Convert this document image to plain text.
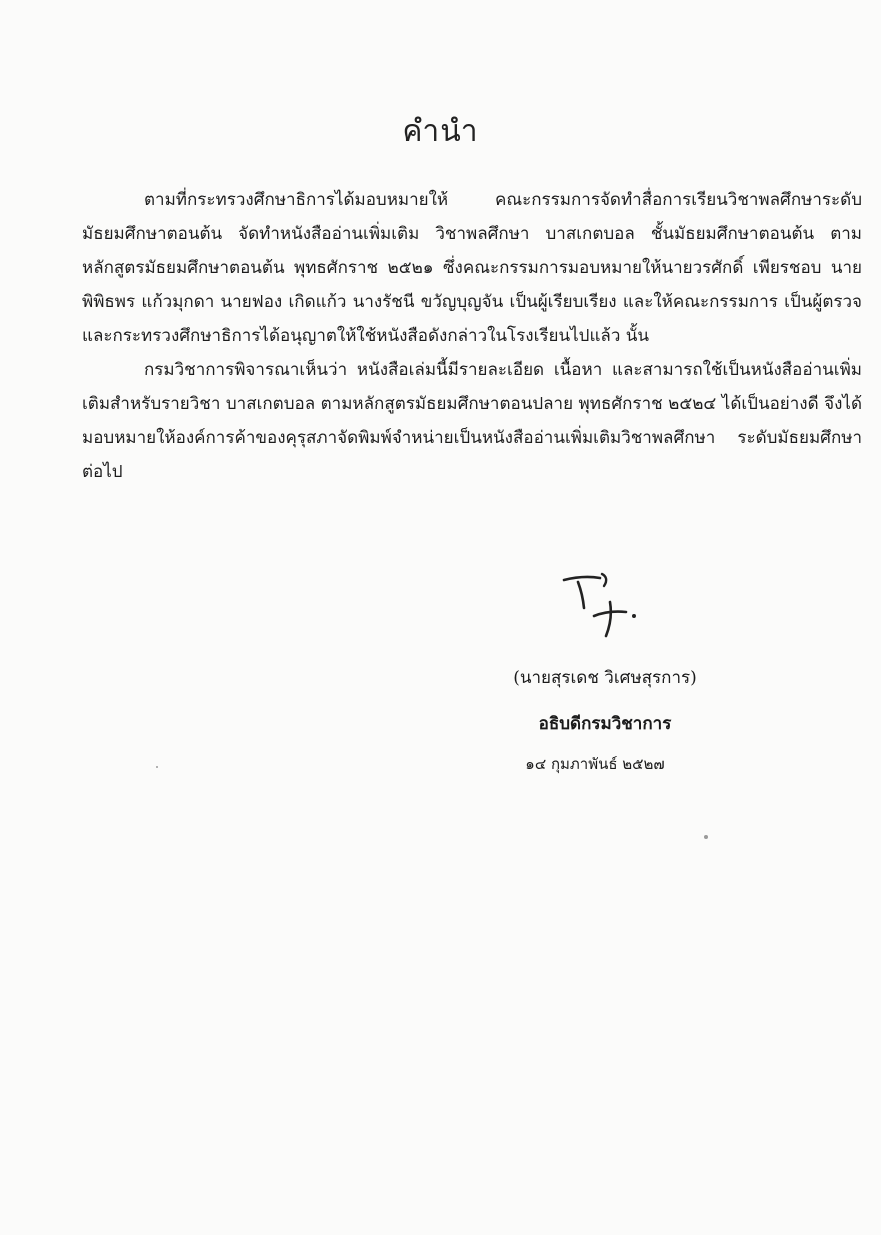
คำนำ

ตามที่กระทรวงศึกษาธิการได้มอบหมายให้ คณะกรรมการจัดทำสื่อการเรียนวิชาพลศึกษาระดับมัธยมศึกษาตอนต้น จัดทำหนังสืออ่านเพิ่มเติม วิชาพลศึกษา บาสเกตบอล ชั้นมัธยมศึกษาตอนต้น ตามหลักสูตรมัธยมศึกษาตอนต้น พุทธศักราช ๒๕๒๑ ซึ่งคณะกรรมการมอบหมายให้นายวรศักดิ์ เพียรชอบ นายพิพิธพร แก้วมุกดา นายฟอง เกิดแก้ว นางรัชนี ขวัญบุญจัน เป็นผู้เรียบเรียง และให้คณะกรรมการ เป็นผู้ตรวจ และกระทรวงศึกษาธิการได้อนุญาตให้ใช้หนังสือดังกล่าวในโรงเรียนไปแล้ว นั้น

กรมวิชาการพิจารณาเห็นว่า หนังสือเล่มนี้มีรายละเอียด เนื้อหา และสามารถใช้เป็นหนังสืออ่านเพิ่มเติมสำหรับรายวิชา บาสเกตบอล ตามหลักสูตรมัธยมศึกษาตอนปลาย พุทธศักราช ๒๕๒๔ ได้เป็นอย่างดี จึงได้มอบหมายให้องค์การค้าของคุรุสภาจัดพิมพ์จำหน่ายเป็นหนังสืออ่านเพิ่มเติมวิชาพลศึกษา ระดับมัธยมศึกษา ต่อไป

(นายสุรเดช วิเศษสุรการ)
อธิบดีกรมวิชาการ
๑๔ กุมภาพันธ์ ๒๕๒๗
